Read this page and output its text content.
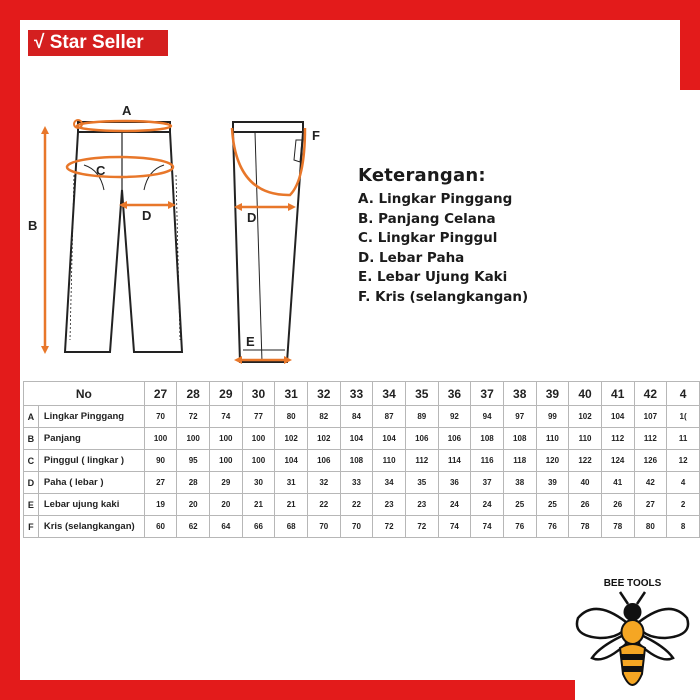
√ Star Seller
A
B
C
D	D
E
F
Keterangan:
A. Lingkar Pinggang
B. Panjang Celana
C. Lingkar Pinggul
D. Lebar Paha
E. Lebar Ujung Kaki
F. Kris (selangkangan)
No		27	28	29	30	31	32	33	34	35	36	37	38	39	40	41	42	4
A	Lingkar Pinggang	70	72	74	77	80	82	84	87	89	92	94	97	99	102	104	107	1(
B	Panjang	100	100	100	100	102	102	104	104	106	106	108	108	110	110	112	112	11
C	Pinggul ( lingkar )	90	95	100	100	104	106	108	110	112	114	116	118	120	122	124	126	12
D	Paha ( lebar )	27	28	29	30	31	32	33	34	35	36	37	38	39	40	41	42	4
E	Lebar ujung kaki	19	20	20	21	21	22	22	23	23	24	24	25	25	26	26	27	2
F	Kris (selangkangan)	60	62	64	66	68	70	70	72	72	74	74	76	76	78	78	80	8
BEE TOOLS
